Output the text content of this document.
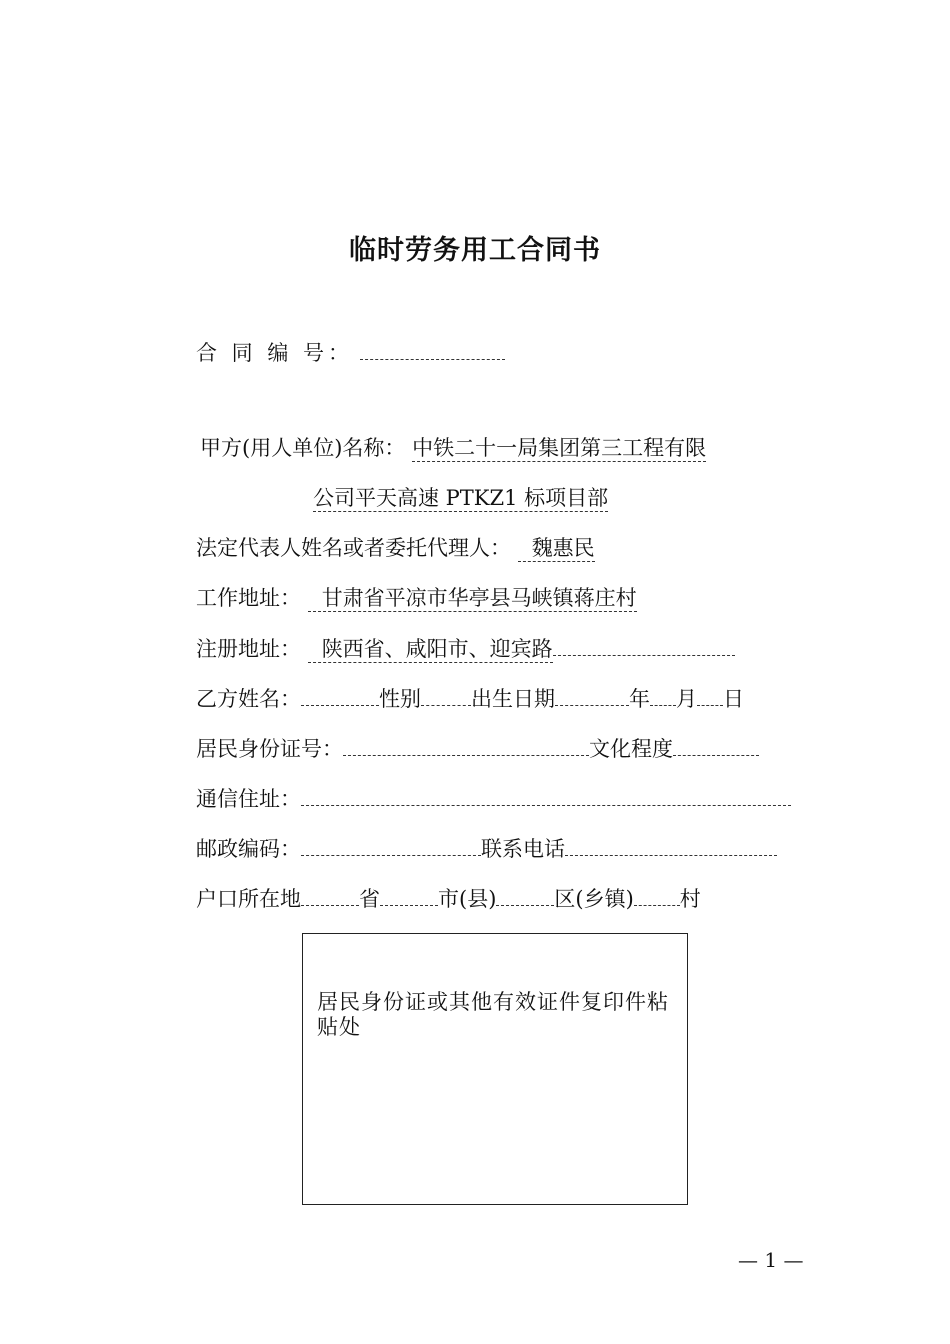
临时劳务用工合同书
合 同 编 号：
甲方(用人单位)名称： 中铁二十一局集团第三工程有限
公司平天高速 PTKZ1 标项目部
法定代表人姓名或者委托代理人： 魏惠民
工作地址： 甘肃省平凉市华亭县马峡镇蒋庄村
注册地址： 陕西省、咸阳市、迎宾路
乙方姓名：	性别 出生日期	年 月 日
居民身份证号：	文化程度
通信住址：
邮政编码：	联系电话
户口所在地	省	市(县)	区(乡镇) 村
居民身份证或其他有效证件复印件粘贴处
— 1 —
